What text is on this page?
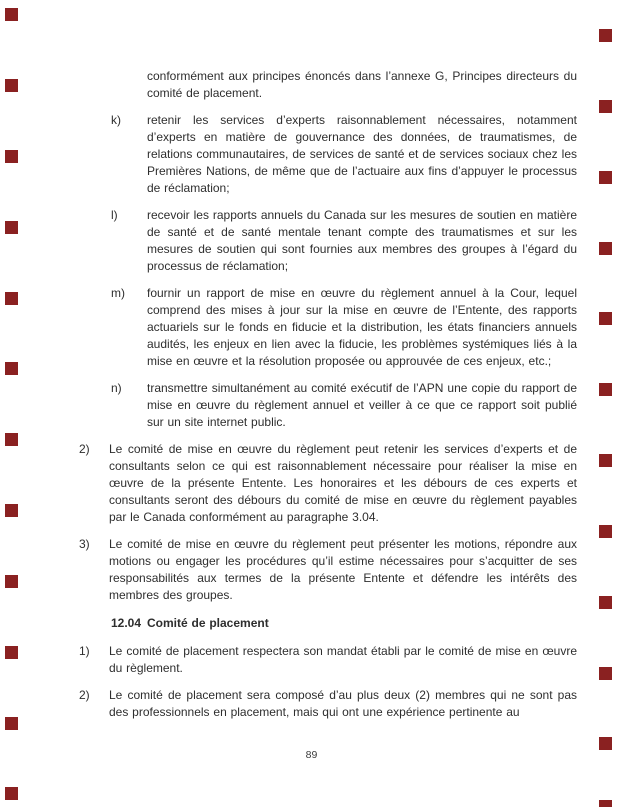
conformément aux principes énoncés dans l’annexe G, Principes directeurs du comité de placement.
k)	retenir les services d’experts raisonnablement nécessaires, notamment d’experts en matière de gouvernance des données, de traumatismes, de relations communautaires, de services de santé et de services sociaux chez les Premières Nations, de même que de l’actuaire aux fins d’appuyer le processus de réclamation;
l)	recevoir les rapports annuels du Canada sur les mesures de soutien en matière de santé et de santé mentale tenant compte des traumatismes et sur les mesures de soutien qui sont fournies aux membres des groupes à l’égard du processus de réclamation;
m)	fournir un rapport de mise en œuvre du règlement annuel à la Cour, lequel comprend des mises à jour sur la mise en œuvre de l’Entente, des rapports actuariels sur le fonds en fiducie et la distribution, les états financiers annuels audités, les enjeux en lien avec la fiducie, les problèmes systémiques liés à la mise en œuvre et la résolution proposée ou approuvée de ces enjeux, etc.;
n)	transmettre simultanément au comité exécutif de l’APN une copie du rapport de mise en œuvre du règlement annuel et veiller à ce que ce rapport soit publié sur un site internet public.
2)	Le comité de mise en œuvre du règlement peut retenir les services d’experts et de consultants selon ce qui est raisonnablement nécessaire pour réaliser la mise en œuvre de la présente Entente. Les honoraires et les débours de ces experts et consultants seront des débours du comité de mise en œuvre du règlement payables par le Canada conformément au paragraphe 3.04.
3)	Le comité de mise en œuvre du règlement peut présenter les motions, répondre aux motions ou engager les procédures qu’il estime nécessaires pour s’acquitter de ses responsabilités aux termes de la présente Entente et défendre les intérêts des membres des groupes.
12.04 Comité de placement
1)	Le comité de placement respectera son mandat établi par le comité de mise en œuvre du règlement.
2)	Le comité de placement sera composé d’au plus deux (2) membres qui ne sont pas des professionnels en placement, mais qui ont une expérience pertinente au
89
